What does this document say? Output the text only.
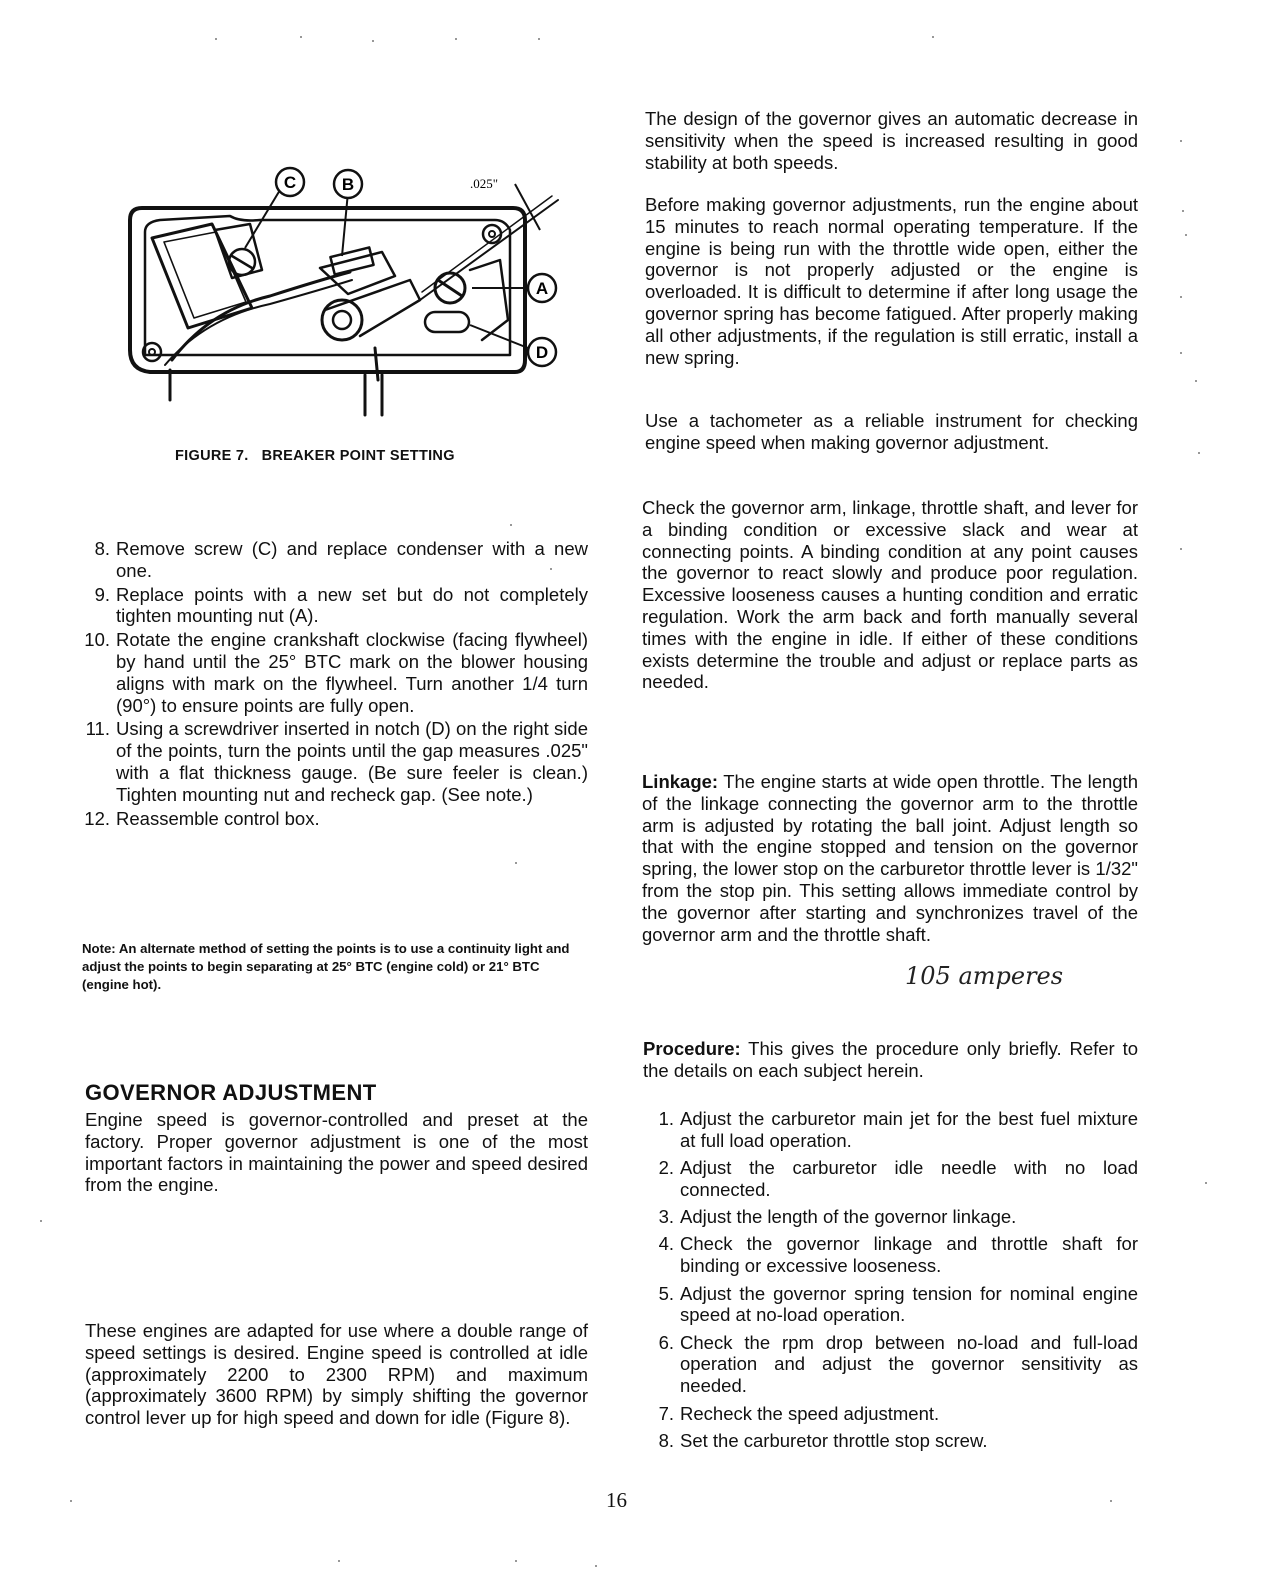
C	B
A
D
.025"
FIGURE 7.   BREAKER POINT SETTING
8. Remove screw (C) and replace condenser with a new one.
9. Replace points with a new set but do not completely tighten mounting nut (A).
10. Rotate the engine crankshaft clockwise (facing flywheel) by hand until the 25° BTC mark on the blower housing aligns with mark on the flywheel. Turn another 1/4 turn (90°) to ensure points are fully open.
11. Using a screwdriver inserted in notch (D) on the right side of the points, turn the points until the gap measures .025" with a flat thickness gauge. (Be sure feeler is clean.) Tighten mounting nut and recheck gap. (See note.)
12. Reassemble control box.
Note: An alternate method of setting the points is to use a continuity light and adjust the points to begin separating at 25° BTC (engine cold) or 21° BTC (engine hot).
GOVERNOR ADJUSTMENT
Engine speed is governor-controlled and preset at the factory. Proper governor adjustment is one of the most important factors in maintaining the power and speed desired from the engine.
These engines are adapted for use where a double range of speed settings is desired. Engine speed is controlled at idle (approximately 2200 to 2300 RPM) and maximum (approximately 3600 RPM) by simply shifting the governor control lever up for high speed and down for idle (Figure 8).
The design of the governor gives an automatic decrease in sensitivity when the speed is increased resulting in good stability at both speeds.
Before making governor adjustments, run the engine about 15 minutes to reach normal operating temperature. If the engine is being run with the throttle wide open, either the governor is not properly adjusted or the engine is overloaded. It is difficult to determine if after long usage the governor spring has become fatigued. After properly making all other adjustments, if the regulation is still erratic, install a new spring.
Use a tachometer as a reliable instrument for checking engine speed when making governor adjustment.
Check the governor arm, linkage, throttle shaft, and lever for a binding condition or excessive slack and wear at connecting points. A binding condition at any point causes the governor to react slowly and produce poor regulation. Excessive looseness causes a hunting condition and erratic regulation. Work the arm back and forth manually several times with the engine in idle. If either of these conditions exists determine the trouble and adjust or replace parts as needed.
Linkage: The engine starts at wide open throttle. The length of the linkage connecting the governor arm to the throttle arm is adjusted by rotating the ball joint. Adjust length so that with the engine stopped and tension on the governor spring, the lower stop on the carburetor throttle lever is 1/32" from the stop pin. This setting allows immediate control by the governor after starting and synchronizes travel of the governor arm and the throttle shaft.
105 amperes
Procedure: This gives the procedure only briefly. Refer to the details on each subject herein.
1. Adjust the carburetor main jet for the best fuel mixture at full load operation.
2. Adjust the carburetor idle needle with no load connected.
3. Adjust the length of the governor linkage.
4. Check the governor linkage and throttle shaft for binding or excessive looseness.
5. Adjust the governor spring tension for nominal engine speed at no-load operation.
6. Check the rpm drop between no-load and full-load operation and adjust the governor sensitivity as needed.
7. Recheck the speed adjustment.
8. Set the carburetor throttle stop screw.
16
